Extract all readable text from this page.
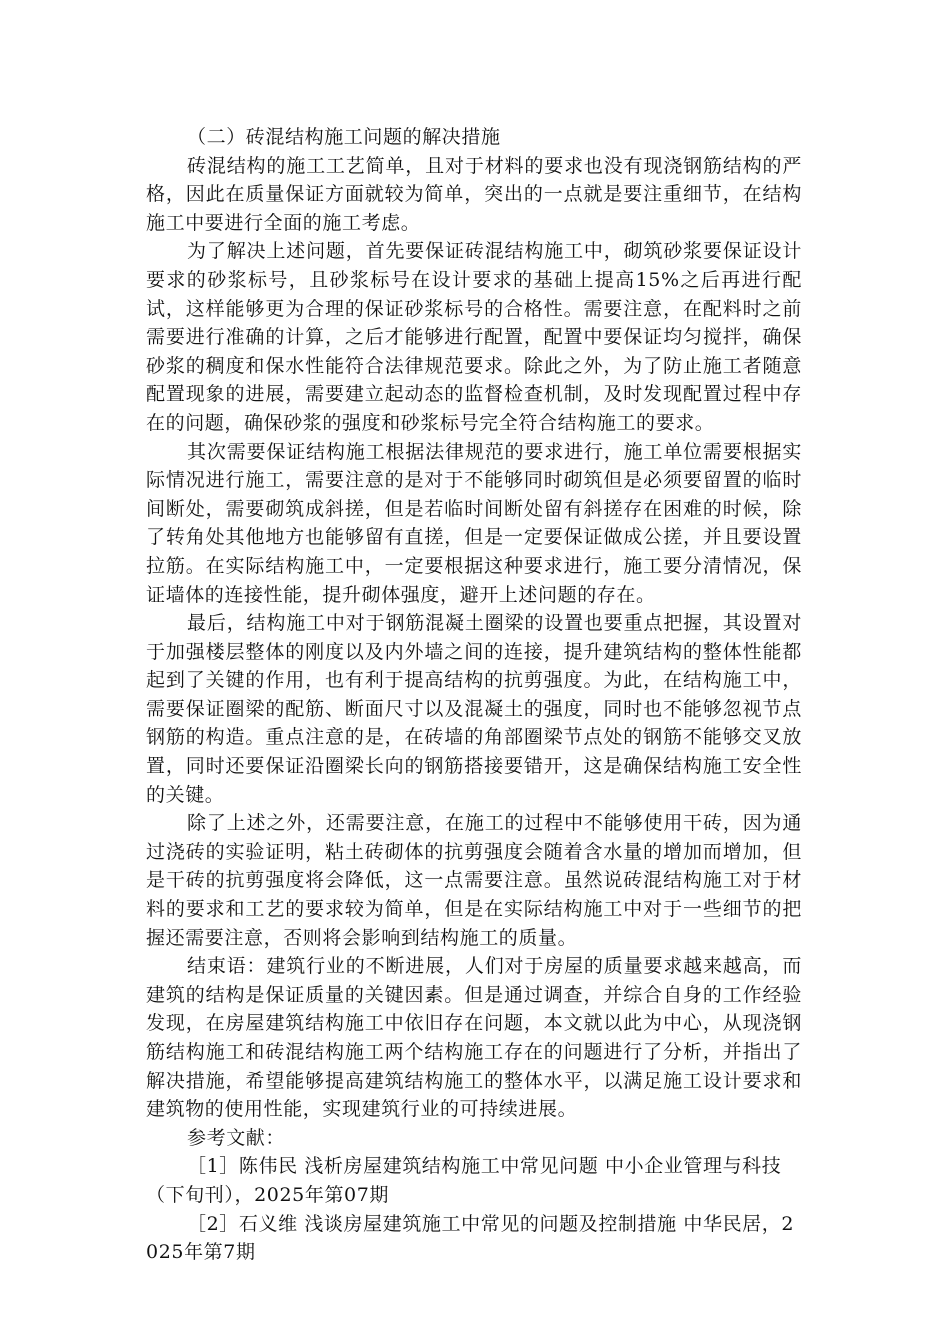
（二）砖混结构施工问题的解决措施

砖混结构的施工工艺简单，且对于材料的要求也没有现浇钢筋结构的严格，因此在质量保证方面就较为简单，突出的一点就是要注重细节，在结构施工中要进行全面的施工考虑。

为了解决上述问题，首先要保证砖混结构施工中，砌筑砂浆要保证设计要求的砂浆标号，且砂浆标号在设计要求的基础上提高15%之后再进行配试，这样能够更为合理的保证砂浆标号的合格性。需要注意，在配料时之前需要进行准确的计算，之后才能够进行配置，配置中要保证均匀搅拌，确保砂浆的稠度和保水性能符合法律规范要求。除此之外，为了防止施工者随意配置现象的进展，需要建立起动态的监督检查机制，及时发现配置过程中存在的问题，确保砂浆的强度和砂浆标号完全符合结构施工的要求。

其次需要保证结构施工根据法律规范的要求进行，施工单位需要根据实际情况进行施工，需要注意的是对于不能够同时砌筑但是必须要留置的临时间断处，需要砌筑成斜搓，但是若临时间断处留有斜搓存在困难的时候，除了转角处其他地方也能够留有直搓，但是一定要保证做成公搓，并且要设置拉筋。在实际结构施工中，一定要根据这种要求进行，施工要分清情况，保证墙体的连接性能，提升砌体强度，避开上述问题的存在。

最后，结构施工中对于钢筋混凝土圈梁的设置也要重点把握，其设置对于加强楼层整体的刚度以及内外墙之间的连接，提升建筑结构的整体性能都起到了关键的作用，也有利于提高结构的抗剪强度。为此，在结构施工中，需要保证圈梁的配筋、断面尺寸以及混凝土的强度，同时也不能够忽视节点钢筋的构造。重点注意的是，在砖墙的角部圈梁节点处的钢筋不能够交叉放置，同时还要保证沿圈梁长向的钢筋搭接要错开，这是确保结构施工安全性的关键。

除了上述之外，还需要注意，在施工的过程中不能够使用干砖，因为通过浇砖的实验证明，粘土砖砌体的抗剪强度会随着含水量的增加而增加，但是干砖的抗剪强度将会降低，这一点需要注意。虽然说砖混结构施工对于材料的要求和工艺的要求较为简单，但是在实际结构施工中对于一些细节的把握还需要注意，否则将会影响到结构施工的质量。

结束语：建筑行业的不断进展，人们对于房屋的质量要求越来越高，而建筑的结构是保证质量的关键因素。但是通过调查，并综合自身的工作经验发现，在房屋建筑结构施工中依旧存在问题，本文就以此为中心，从现浇钢筋结构施工和砖混结构施工两个结构施工存在的问题进行了分析，并指出了解决措施，希望能够提高建筑结构施工的整体水平，以满足施工设计要求和建筑物的使用性能，实现建筑行业的可持续进展。

参考文献：

［1］陈伟民 浅析房屋建筑结构施工中常见问题 中小企业管理与科技（下旬刊），2025年第07期

［2］石义维 浅谈房屋建筑施工中常见的问题及控制措施 中华民居，2025年第7期
